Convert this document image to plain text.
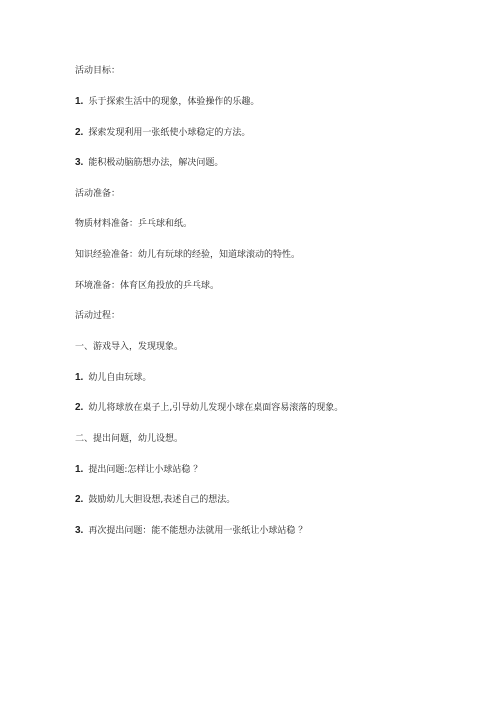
活动目标：
1. 乐于探索生活中的现象，体验操作的乐趣。
2. 探索发现利用一张纸使小球稳定的方法。
3. 能积极动脑筋想办法，解决问题。
活动准备：
物质材料准备：乒乓球和纸。
知识经验准备：幼儿有玩球的经验，知道球滚动的特性。
环境准备：体育区角投放的乒乓球。
活动过程：
一、游戏导入，发现现象。
1. 幼儿自由玩球。
2. 幼儿将球放在桌子上,引导幼儿发现小球在桌面容易滚落的现象。
二、提出问题，幼儿设想。
1. 提出问题:怎样让小球站稳 ？
2. 鼓励幼儿大胆设想,表述自己的想法。
3. 再次提出问题：能不能想办法就用一张纸让小球站稳 ？
